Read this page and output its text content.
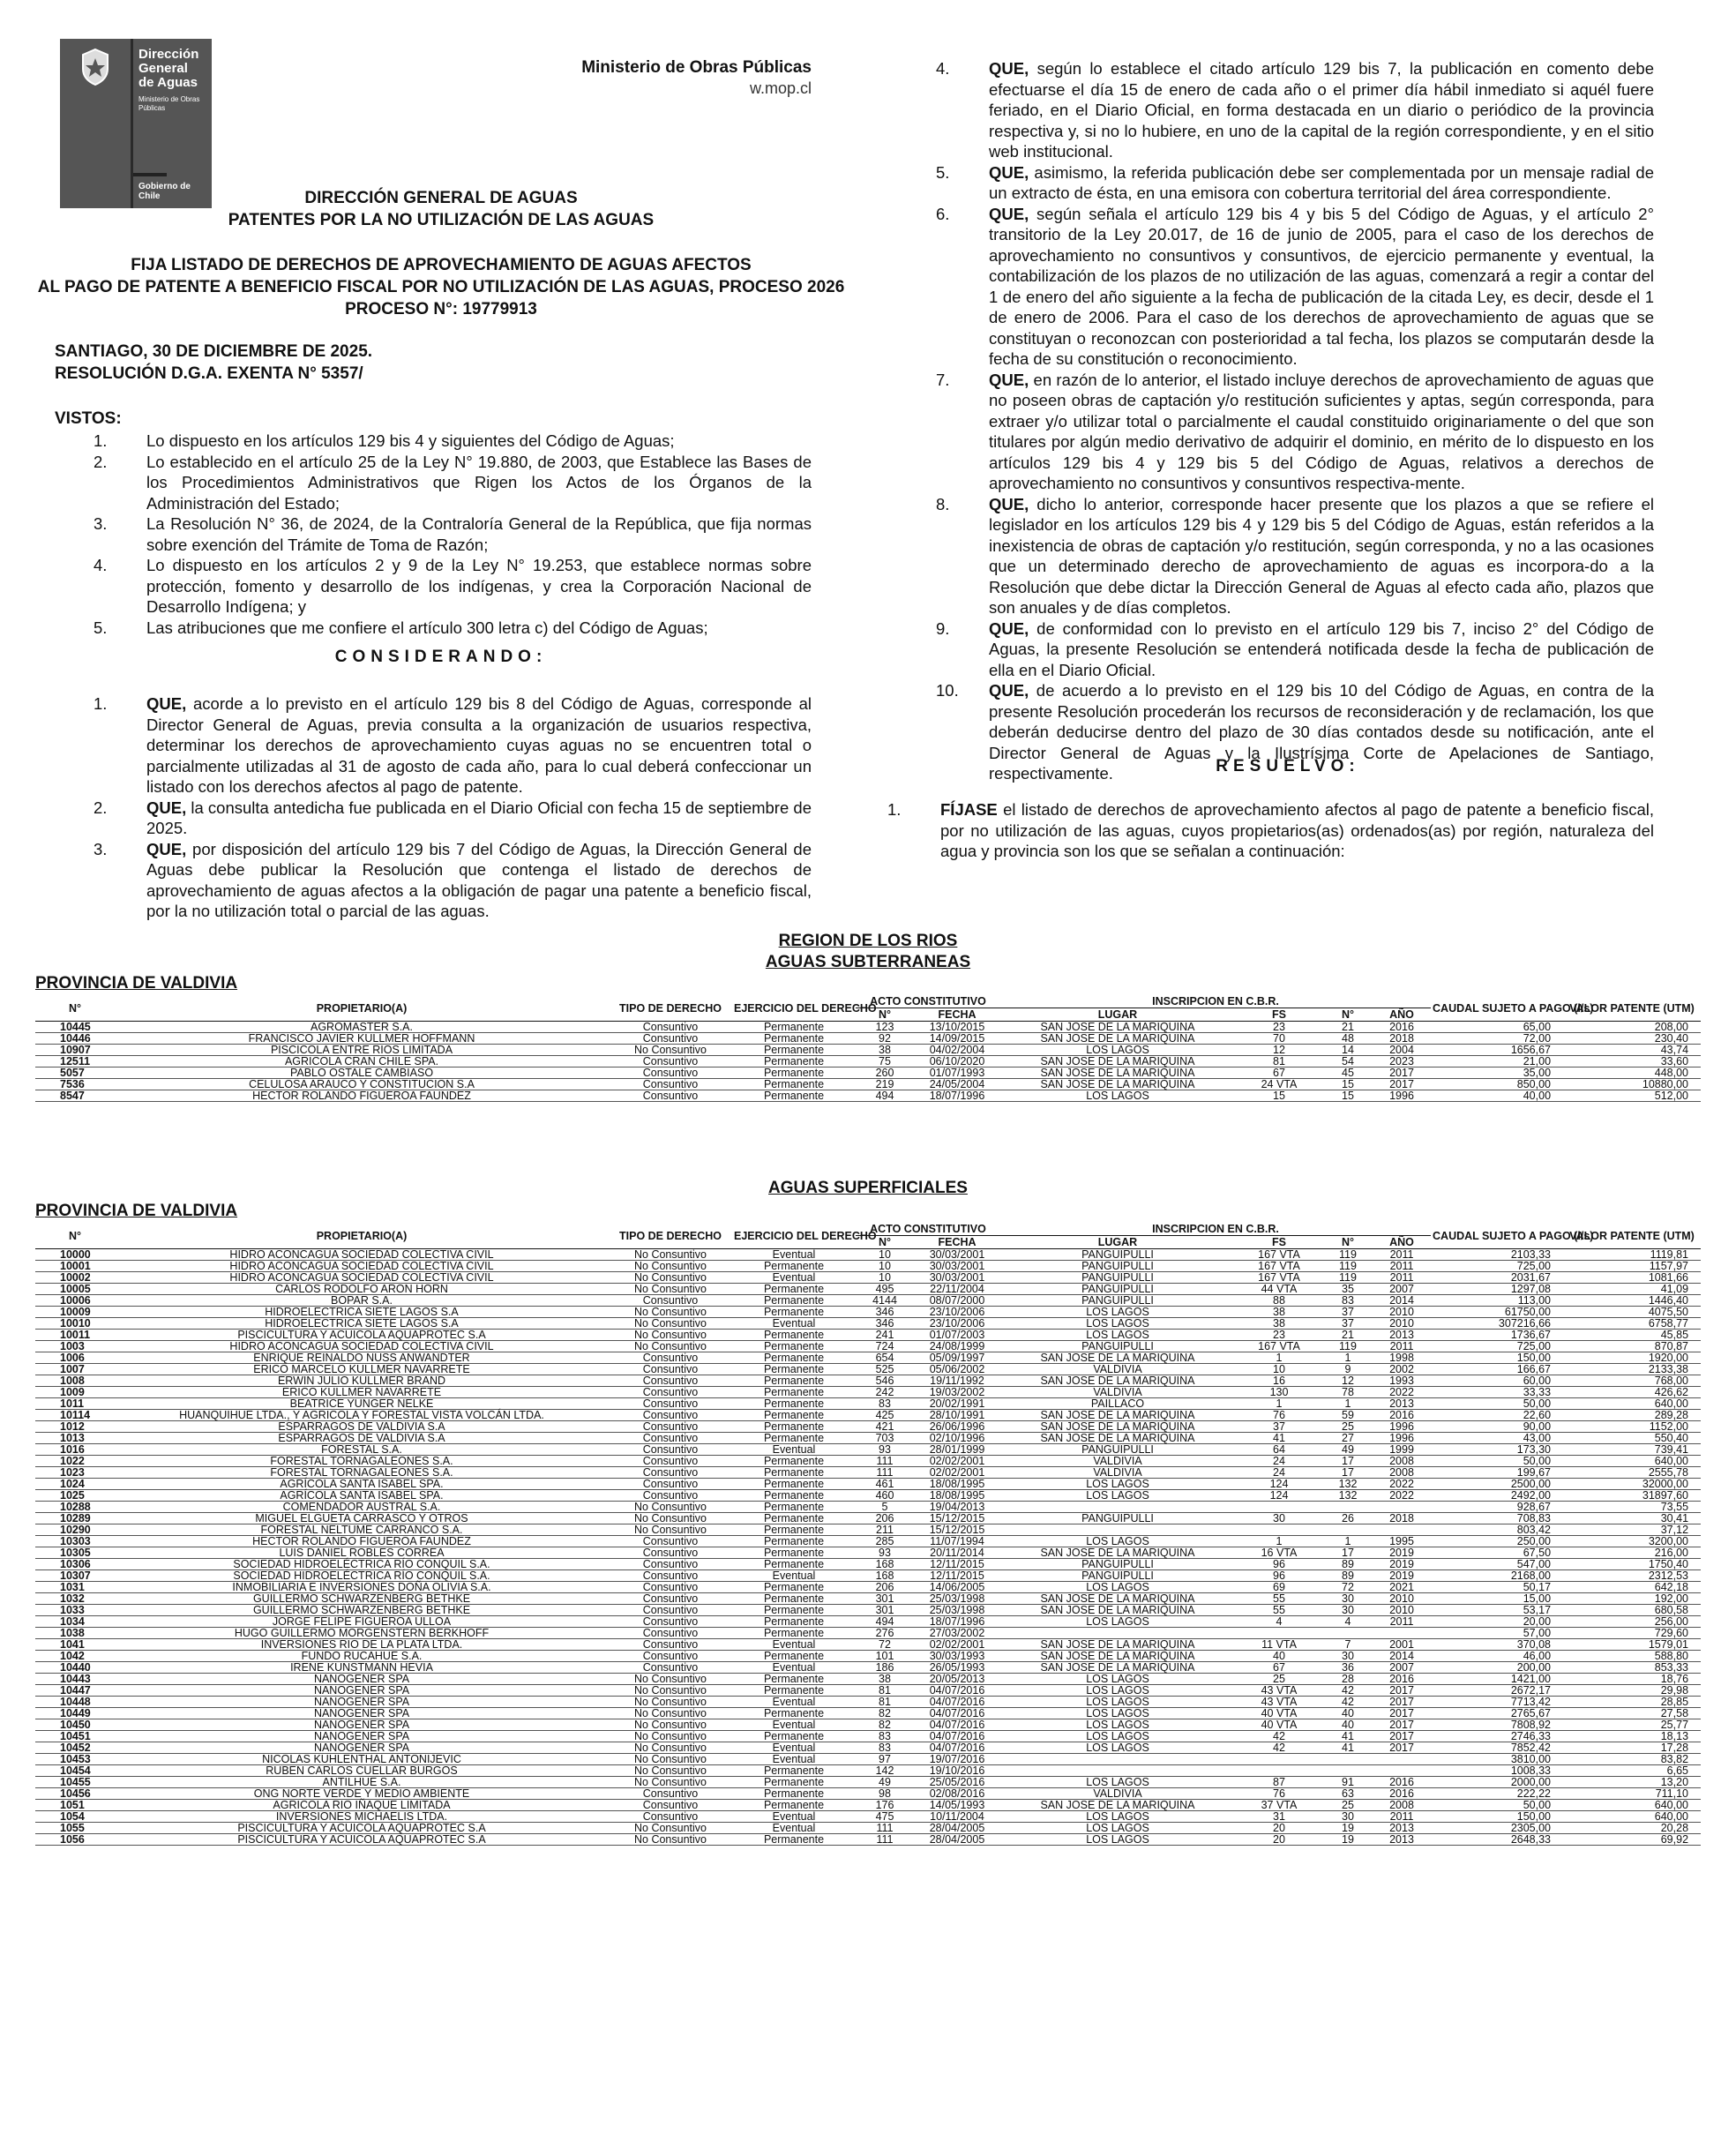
Dirección General de Aguas
Ministerio de Obras Públicas
Gobierno de Chile
Ministerio de Obras Públicas
w.mop.cl
DIRECCIÓN GENERAL DE AGUAS
PATENTES POR LA NO UTILIZACIÓN DE LAS AGUAS
FIJA LISTADO DE DERECHOS DE APROVECHAMIENTO DE AGUAS AFECTOS
AL PAGO DE PATENTE A BENEFICIO FISCAL POR NO UTILIZACIÓN DE LAS AGUAS, PROCESO 2026
PROCESO N°: 19779913
SANTIAGO, 30 DE DICIEMBRE DE 2025.
RESOLUCIÓN D.G.A. EXENTA N° 5357/
VISTOS:
1.	Lo dispuesto en los artículos 129 bis 4 y siguientes del Código de Aguas;
2.	Lo establecido en el artículo 25 de la Ley N° 19.880, de 2003, que Establece las Bases de los Procedimientos Administrativos que Rigen los Actos de los Órganos de la Administración del Estado;
3.	La Resolución N° 36, de 2024, de la Contraloría General de la República, que fija normas sobre exención del Trámite de Toma de Razón;
4.	Lo dispuesto en los artículos 2 y 9 de la Ley N° 19.253, que establece normas sobre protección, fomento y desarrollo de los indígenas, y crea la Corporación Nacional de Desarrollo Indígena; y
5.	Las atribuciones que me confiere el artículo 300 letra c) del Código de Aguas;
CONSIDERANDO:
1.	QUE, acorde a lo previsto en el artículo 129 bis 8 del Código de Aguas, corresponde al Director General de Aguas, previa consulta a la organización de usuarios respectiva, determinar los derechos de aprovechamiento cuyas aguas no se encuentren total o parcialmente utilizadas al 31 de agosto de cada año, para lo cual deberá confeccionar un listado con los derechos afectos al pago de patente.
2.	QUE, la consulta antedicha fue publicada en el Diario Oficial con fecha 15 de septiembre de 2025.
3.	QUE, por disposición del artículo 129 bis 7 del Código de Aguas, la Dirección General de Aguas debe publicar la Resolución que contenga el listado de derechos de aprovechamiento de aguas afectos a la obligación de pagar una patente a beneficio fiscal, por la no utilización total o parcial de las aguas.
4.	QUE, según lo establece el citado artículo 129 bis 7, la publicación en comento debe efectuarse el día 15 de enero de cada año o el primer día hábil inmediato si aquél fuere feriado, en el Diario Oficial, en forma destacada en un diario o periódico de la provincia respectiva y, si no lo hubiere, en uno de la capital de la región correspondiente, y en el sitio web institucional.
5.	QUE, asimismo, la referida publicación debe ser complementada por un mensaje radial de un extracto de ésta, en una emisora con cobertura territorial del área correspondiente.
6.	QUE, según señala el artículo 129 bis 4 y bis 5 del Código de Aguas, y el artículo 2° transitorio de la Ley 20.017, de 16 de junio de 2005, para el caso de los derechos de aprovechamiento no consuntivos y consuntivos, de ejercicio permanente y eventual, la contabilización de los plazos de no utilización de las aguas, comenzará a regir a contar del 1 de enero del año siguiente a la fecha de publicación de la citada Ley, es decir, desde el 1 de enero de 2006. Para el caso de los derechos de aprovechamiento de aguas que se constituyan o reconozcan con posterioridad a tal fecha, los plazos se computarán desde la fecha de su constitución o reconocimiento.
7.	QUE, en razón de lo anterior, el listado incluye derechos de aprovechamiento de aguas que no poseen obras de captación y/o restitución suficientes y aptas, según corresponda, para extraer y/o utilizar total o parcialmente el caudal constituido originariamente o del que son titulares por algún medio derivativo de adquirir el dominio, en mérito de lo dispuesto en los artículos 129 bis 4 y 129 bis 5 del Código de Aguas, relativos a derechos de aprovechamiento no consuntivos y consuntivos respectiva-mente.
8.	QUE, dicho lo anterior, corresponde hacer presente que los plazos a que se refiere el legislador en los artículos 129 bis 4 y 129 bis 5 del Código de Aguas, están referidos a la inexistencia de obras de captación y/o restitución, según corresponda, y no a las ocasiones que un determinado derecho de aprovechamiento de aguas es incorpora-do a la Resolución que debe dictar la Dirección General de Aguas al efecto cada año, plazos que son anuales y de días completos.
9.	QUE, de conformidad con lo previsto en el artículo 129 bis 7, inciso 2° del Código de Aguas, la presente Resolución se entenderá notificada desde la fecha de publicación de ella en el Diario Oficial.
10.	QUE, de acuerdo a lo previsto en el 129 bis 10 del Código de Aguas, en contra de la presente Resolución procederán los recursos de reconsideración y de reclamación, los que deberán deducirse dentro del plazo de 30 días contados desde su notificación, ante el Director General de Aguas y la Ilustrísima Corte de Apelaciones de Santiago, respectivamente.	RESUELVO:
1.	FÍJASE el listado de derechos de aprovechamiento afectos al pago de patente a beneficio fiscal, por no utilización de las aguas, cuyos propietarios(as) ordenados(as) por región, naturaleza del agua y provincia son los que se señalan a continuación:
REGION DE LOS RIOS
AGUAS SUBTERRANEAS
PROVINCIA DE VALDIVIA
N°	PROPIETARIO(A)	TIPO DE DERECHO	EJERCICIO DEL DERECHO	ACTO CONSTITUTIVO		INSCRIPCION EN C.B.R.				CAUDAL SUJETO A PAGO (l/s)	VALOR PATENTE (UTM)
				N°	FECHA	LUGAR	FS	N°	AÑO		
10445	AGROMASTER S.A.	Consuntivo	Permanente	123	13/10/2015	SAN JOSE DE LA MARIQUINA	23	21	2016	65,00	208,00
10446	FRANCISCO JAVIER KULLMER HOFFMANN	Consuntivo	Permanente	92	14/09/2015	SAN JOSE DE LA MARIQUINA	70	48	2018	72,00	230,40
10907	PISCICOLA ENTRE RIOS LIMITADA	No Consuntivo	Permanente	38	04/02/2004	LOS LAGOS	12	14	2004	1656,67	43,74
12511	AGRICOLA CRAN CHILE SPA.	Consuntivo	Permanente	75	06/10/2020	SAN JOSE DE LA MARIQUINA	81	54	2023	21,00	33,60
5057	PABLO OSTALE CAMBIASO	Consuntivo	Permanente	260	01/07/1993	SAN JOSE DE LA MARIQUINA	67	45	2017	35,00	448,00
7536	CELULOSA ARAUCO Y CONSTITUCION S.A	Consuntivo	Permanente	219	24/05/2004	SAN JOSE DE LA MARIQUINA	24 VTA	15	2017	850,00	10880,00
8547	HECTOR ROLANDO FIGUEROA FAUNDEZ	Consuntivo	Permanente	494	18/07/1996	LOS LAGOS	15	15	1996	40,00	512,00
AGUAS SUPERFICIALES
PROVINCIA DE VALDIVIA
N°	PROPIETARIO(A)	TIPO DE DERECHO	EJERCICIO DEL DERECHO	ACTO CONSTITUTIVO		INSCRIPCION EN C.B.R.				CAUDAL SUJETO A PAGO (l/s)	VALOR PATENTE (UTM)
				N°	FECHA	LUGAR	FS	N°	AÑO		
10000	HIDRO ACONCAGUA SOCIEDAD COLECTIVA CIVIL	No Consuntivo	Eventual	10	30/03/2001	PANGUIPULLI	167 VTA	119	2011	2103,33	1119,81
10001	HIDRO ACONCAGUA SOCIEDAD COLECTIVA CIVIL	No Consuntivo	Permanente	10	30/03/2001	PANGUIPULLI	167 VTA	119	2011	725,00	1157,97
10002	HIDRO ACONCAGUA SOCIEDAD COLECTIVA CIVIL	No Consuntivo	Eventual	10	30/03/2001	PANGUIPULLI	167 VTA	119	2011	2031,67	1081,66
10005	CARLOS RODOLFO ARON HORN	No Consuntivo	Permanente	495	22/11/2004	PANGUIPULLI	44 VTA	35	2007	1297,08	41,09
10006	BOPAR S.A.	Consuntivo	Permanente	4144	08/07/2000	PANGUIPULLI	88	83	2014	113,00	1446,40
10009	HIDROELECTRICA SIETE LAGOS S.A	No Consuntivo	Permanente	346	23/10/2006	LOS LAGOS	38	37	2010	61750,00	4075,50
10010	HIDROELECTRICA SIETE LAGOS S.A	No Consuntivo	Eventual	346	23/10/2006	LOS LAGOS	38	37	2010	307216,66	6758,77
10011	PISCICULTURA Y ACUICOLA AQUAPROTEC S.A	No Consuntivo	Permanente	241	01/07/2003	LOS LAGOS	23	21	2013	1736,67	45,85
1003	HIDRO ACONCAGUA SOCIEDAD COLECTIVA CIVIL	No Consuntivo	Permanente	724	24/08/1999	PANGUIPULLI	167 VTA	119	2011	725,00	870,87
1006	ENRIQUE REINALDO NUSS ANWANDTER	Consuntivo	Permanente	654	05/09/1997	SAN JOSE DE LA MARIQUINA	1	1	1998	150,00	1920,00
1007	ERICO MARCELO KULLMER NAVARRETE	Consuntivo	Permanente	525	05/06/2002	VALDIVIA	10	9	2002	166,67	2133,38
1008	ERWIN JULIO KULLMER BRAND	Consuntivo	Permanente	546	19/11/1992	SAN JOSE DE LA MARIQUINA	16	12	1993	60,00	768,00
1009	ERICO KULLMER NAVARRETE	Consuntivo	Permanente	242	19/03/2002	VALDIVIA	130	78	2022	33,33	426,62
1011	BEATRICE YUNGER NELKE	Consuntivo	Permanente	83	20/02/1991	PAILLACO	1	1	2013	50,00	640,00
10114	HUANQUIHUE LTDA., Y AGRICOLA Y FORESTAL VISTA VOLCÁN LTDA.	Consuntivo	Permanente	425	28/10/1991	SAN JOSE DE LA MARIQUINA	76	59	2016	22,60	289,28
1012	ESPARRAGOS DE VALDIVIA S.A	Consuntivo	Permanente	421	26/06/1996	SAN JOSE DE LA MARIQUINA	37	25	1996	90,00	1152,00
1013	ESPARRAGOS DE VALDIVIA S.A	Consuntivo	Permanente	703	02/10/1996	SAN JOSE DE LA MARIQUINA	41	27	1996	43,00	550,40
1016	FORESTAL S.A.	Consuntivo	Eventual	93	28/01/1999	PANGUIPULLI	64	49	1999	173,30	739,41
1022	FORESTAL TORNAGALEONES S.A.	Consuntivo	Permanente	111	02/02/2001	VALDIVIA	24	17	2008	50,00	640,00
1023	FORESTAL TORNAGALEONES S.A.	Consuntivo	Permanente	111	02/02/2001	VALDIVIA	24	17	2008	199,67	2555,78
1024	AGRÍCOLA SANTA ISABEL SPA.	Consuntivo	Permanente	461	18/08/1995	LOS LAGOS	124	132	2022	2500,00	32000,00
1025	AGRÍCOLA SANTA ISABEL SPA.	Consuntivo	Permanente	460	18/08/1995	LOS LAGOS	124	132	2022	2492,00	31897,60
10288	COMENDADOR AUSTRAL S.A.	No Consuntivo	Permanente	5	19/04/2013					928,67	73,55
10289	MIGUEL ELGUETA CARRASCO Y OTROS	No Consuntivo	Permanente	206	15/12/2015	PANGUIPULLI	30	26	2018	708,83	30,41
10290	FORESTAL NELTUME CARRANCO S.A.	No Consuntivo	Permanente	211	15/12/2015					803,42	37,12
10303	HECTOR ROLANDO FIGUEROA FAUNDEZ	Consuntivo	Permanente	285	11/07/1994	LOS LAGOS	1	1	1995	250,00	3200,00
10305	LUIS DANIEL ROBLES CORREA	Consuntivo	Permanente	93	20/11/2014	SAN JOSE DE LA MARIQUINA	16 VTA	17	2019	67,50	216,00
10306	SOCIEDAD HIDROELÉCTRICA RÍO CONQUIL S.A.	Consuntivo	Permanente	168	12/11/2015	PANGUIPULLI	96	89	2019	547,00	1750,40
10307	SOCIEDAD HIDROELÉCTRICA RÍO CONQUIL S.A.	Consuntivo	Eventual	168	12/11/2015	PANGUIPULLI	96	89	2019	2168,00	2312,53
1031	INMOBILIARIA E INVERSIONES DOÑA OLIVIA S.A.	Consuntivo	Permanente	206	14/06/2005	LOS LAGOS	69	72	2021	50,17	642,18
1032	GUILLERMO SCHWARZENBERG BETHKE	Consuntivo	Permanente	301	25/03/1998	SAN JOSE DE LA MARIQUINA	55	30	2010	15,00	192,00
1033	GUILLERMO SCHWARZENBERG BETHKE	Consuntivo	Permanente	301	25/03/1998	SAN JOSE DE LA MARIQUINA	55	30	2010	53,17	680,58
1034	JORGE FELIPE FIGUEROA ULLOA	Consuntivo	Permanente	494	18/07/1996	LOS LAGOS	4	4	2011	20,00	256,00
1038	HUGO GUILLERMO MORGENSTERN BERKHOFF	Consuntivo	Permanente	276	27/03/2002					57,00	729,60
1041	INVERSIONES RIO DE LA PLATA LTDA.	Consuntivo	Eventual	72	02/02/2001	SAN JOSE DE LA MARIQUINA	11 VTA	7	2001	370,08	1579,01
1042	FUNDO RUCAHUE S.A.	Consuntivo	Permanente	101	30/03/1993	SAN JOSE DE LA MARIQUINA	40	30	2014	46,00	588,80
10440	IRENE KUNSTMANN HEVIA	Consuntivo	Eventual	186	26/05/1993	SAN JOSE DE LA MARIQUINA	67	36	2007	200,00	853,33
10443	NANOGENER SPA	No Consuntivo	Permanente	38	20/05/2013	LOS LAGOS	25	28	2016	1421,00	18,76
10447	NANOGENER SPA	No Consuntivo	Permanente	81	04/07/2016	LOS LAGOS	43 VTA	42	2017	2672,17	29,98
10448	NANOGENER SPA	No Consuntivo	Eventual	81	04/07/2016	LOS LAGOS	43 VTA	42	2017	7713,42	28,85
10449	NANOGENER SPA	No Consuntivo	Permanente	82	04/07/2016	LOS LAGOS	40 VTA	40	2017	2765,67	27,58
10450	NANOGENER SPA	No Consuntivo	Eventual	82	04/07/2016	LOS LAGOS	40 VTA	40	2017	7808,92	25,77
10451	NANOGENER SPA	No Consuntivo	Permanente	83	04/07/2016	LOS LAGOS	42	41	2017	2746,33	18,13
10452	NANOGENER SPA	No Consuntivo	Eventual	83	04/07/2016	LOS LAGOS	42	41	2017	7852,42	17,28
10453	NICOLAS KUHLENTHAL ANTONIJEVIC	No Consuntivo	Eventual	97	19/07/2016					3810,00	83,82
10454	RUBEN CARLOS CUELLAR BURGOS	No Consuntivo	Permanente	142	19/10/2016					1008,33	6,65
10455	ANTILHUE S.A.	No Consuntivo	Permanente	49	25/05/2016	LOS LAGOS	87	91	2016	2000,00	13,20
10456	ONG NORTE VERDE Y MEDIO AMBIENTE	Consuntivo	Permanente	98	02/08/2016	VALDIVIA	76	63	2016	222,22	711,10
1051	AGRICOLA RIO IÑAQUE LIMITADA	Consuntivo	Permanente	176	14/05/1993	SAN JOSE DE LA MARIQUINA	37 VTA	25	2008	50,00	640,00
1054	INVERSIONES MICHAELIS LTDA.	Consuntivo	Eventual	475	10/11/2004	LOS LAGOS	31	30	2011	150,00	640,00
1055	PISCICULTURA Y ACUICOLA AQUAPROTEC S.A	No Consuntivo	Eventual	111	28/04/2005	LOS LAGOS	20	19	2013	2305,00	20,28
1056	PISCICULTURA Y ACUICOLA AQUAPROTEC S.A	No Consuntivo	Permanente	111	28/04/2005	LOS LAGOS	20	19	2013	2648,33	69,92
